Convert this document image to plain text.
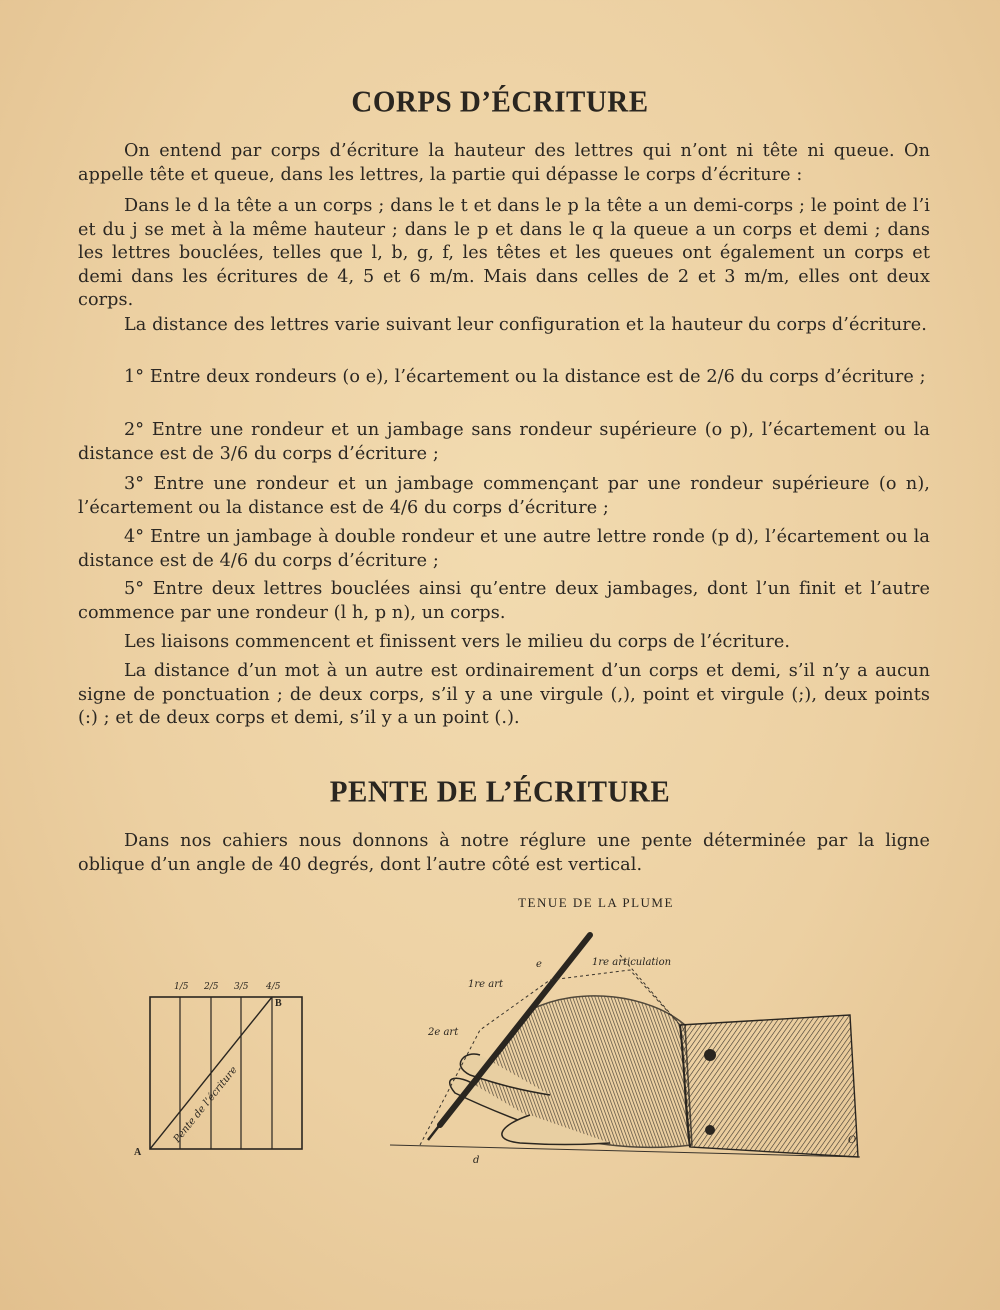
CORPS D’ÉCRITURE

On entend par corps d’écriture la hauteur des lettres qui n’ont ni tête ni queue. On appelle tête et queue, dans les lettres, la partie qui dépasse le corps d’écriture :

Dans le d la tête a un corps ; dans le t et dans le p la tête a un demi-corps ; le point de l’i et du j se met à la même hauteur ; dans le p et dans le q la queue a un corps et demi ; dans les lettres bouclées, telles que l, b, g, f, les têtes et les queues ont également un corps et demi dans les écritures de 4, 5 et 6 m/m. Mais dans celles de 2 et 3 m/m, elles ont deux corps.

La distance des lettres varie suivant leur configuration et la hauteur du corps d’écriture.

1° Entre deux rondeurs (o e), l’écartement ou la distance est de 2/6 du corps d’écriture ;

2° Entre une rondeur et un jambage sans rondeur supérieure (o p), l’écartement ou la distance est de 3/6 du corps d’écriture ;

3° Entre une rondeur et un jambage commençant par une rondeur supérieure (o n), l’écartement ou la distance est de 4/6 du corps d’écriture ;

4° Entre un jambage à double rondeur et une autre lettre ronde (p d), l’écartement ou la distance est de 4/6 du corps d’écriture ;

5° Entre deux lettres bouclées ainsi qu’entre deux jambages, dont l’un finit et l’autre commence par une rondeur (l h, p n), un corps.

Les liaisons commencent et finissent vers le milieu du corps de l’écriture.

La distance d’un mot à un autre est ordinairement d’un corps et demi, s’il n’y a aucun signe de ponctuation ; de deux corps, s’il y a une virgule (,), point et virgule (;), deux points (:) ; et de deux corps et demi, s’il y a un point (.).

PENTE DE L’ÉCRITURE

Dans nos cahiers nous donnons à notre réglure une pente déterminée par la ligne oblique d’un angle de 40 degrés, dont l’autre côté est vertical.

TENUE DE LA PLUME
1/5 2/5 3/5 4/5
A
B
Pente de l’écriture
1re articulation
1re art
2e art
e
d
O
